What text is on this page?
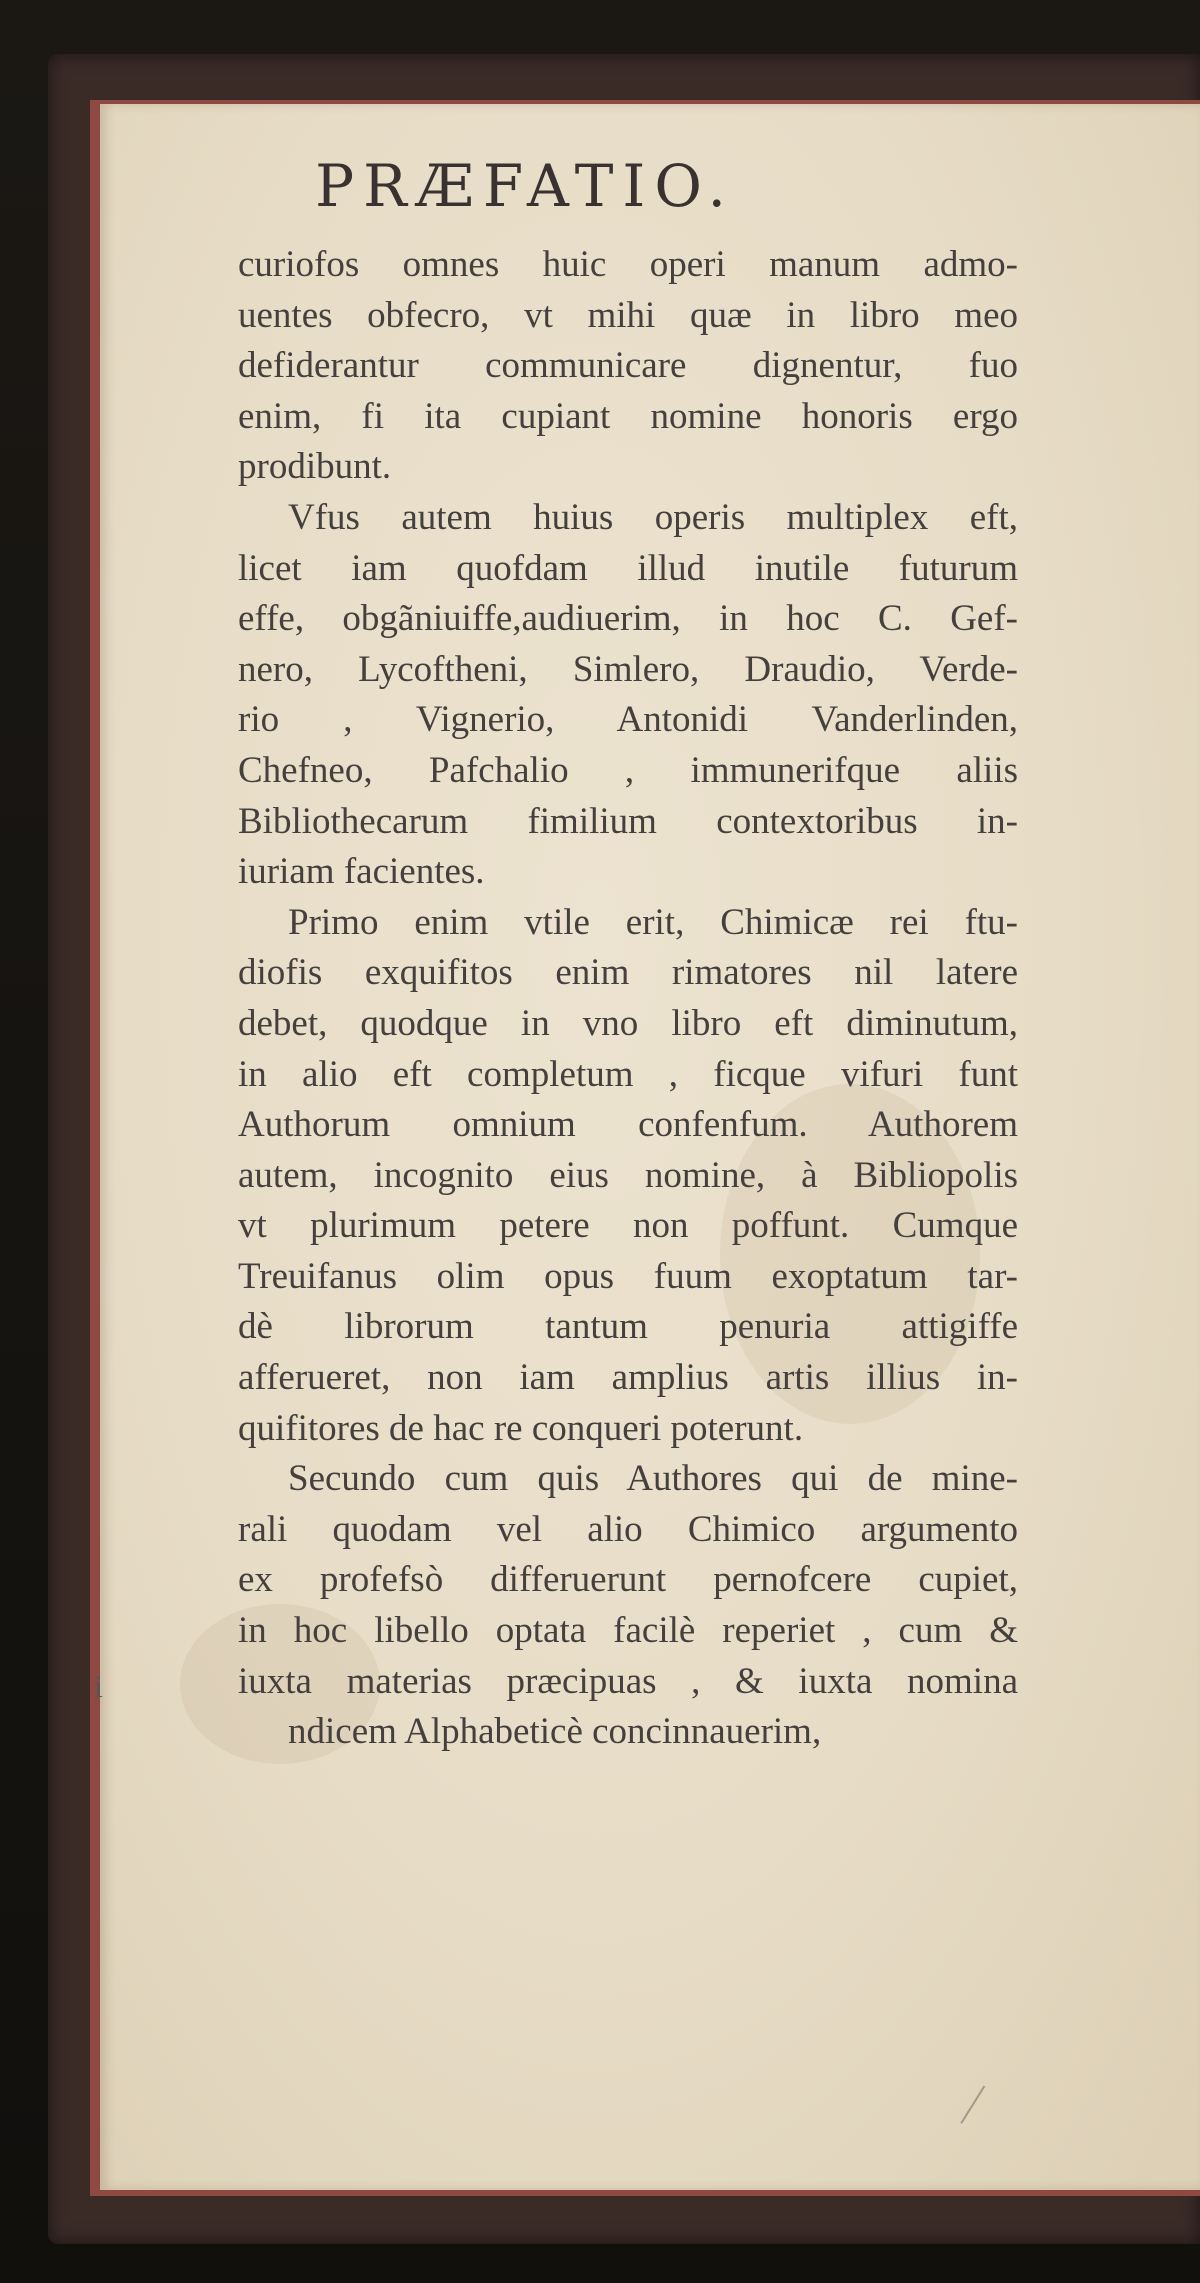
PRÆFATIO.
curiofos omnes huic operi manum admo-
uentes obfecro, vt mihi quæ in libro meo
defiderantur communicare dignentur, fuo
enim, fi ita cupiant nomine honoris ergo
prodibunt.
Vfus autem huius operis multiplex eft,
licet iam quofdam illud inutile futurum
effe, obgãniuiffe,audiuerim, in hoc C. Gef-
nero, Lycoftheni, Simlero, Draudio, Verde-
rio , Vignerio, Antonidi Vanderlinden,
Chefneo, Pafchalio , immunerifque aliis
Bibliothecarum fimilium contextoribus in-
iuriam facientes.
Primo enim vtile erit, Chimicæ rei ftu-
diofis exquifitos enim rimatores nil latere
debet, quodque in vno libro eft diminutum,
in alio eft completum , ficque vifuri funt
Authorum omnium confenfum. Authorem
autem, incognito eius nomine, à Bibliopolis
vt plurimum petere non poffunt. Cumque
Treuifanus olim opus fuum exoptatum tar-
dè librorum tantum penuria attigiffe
afferueret, non iam amplius artis illius in-
quifitores de hac re conqueri poterunt.
Secundo cum quis Authores qui de mine-
rali quodam vel alio Chimico argumento
ex profefsò differuerunt pernofcere cupiet,
in hoc libello optata facilè reperiet , cum &
iuxta materias præcipuas , & iuxta nomina
ndicem Alphabeticè concinnauerim,
i
